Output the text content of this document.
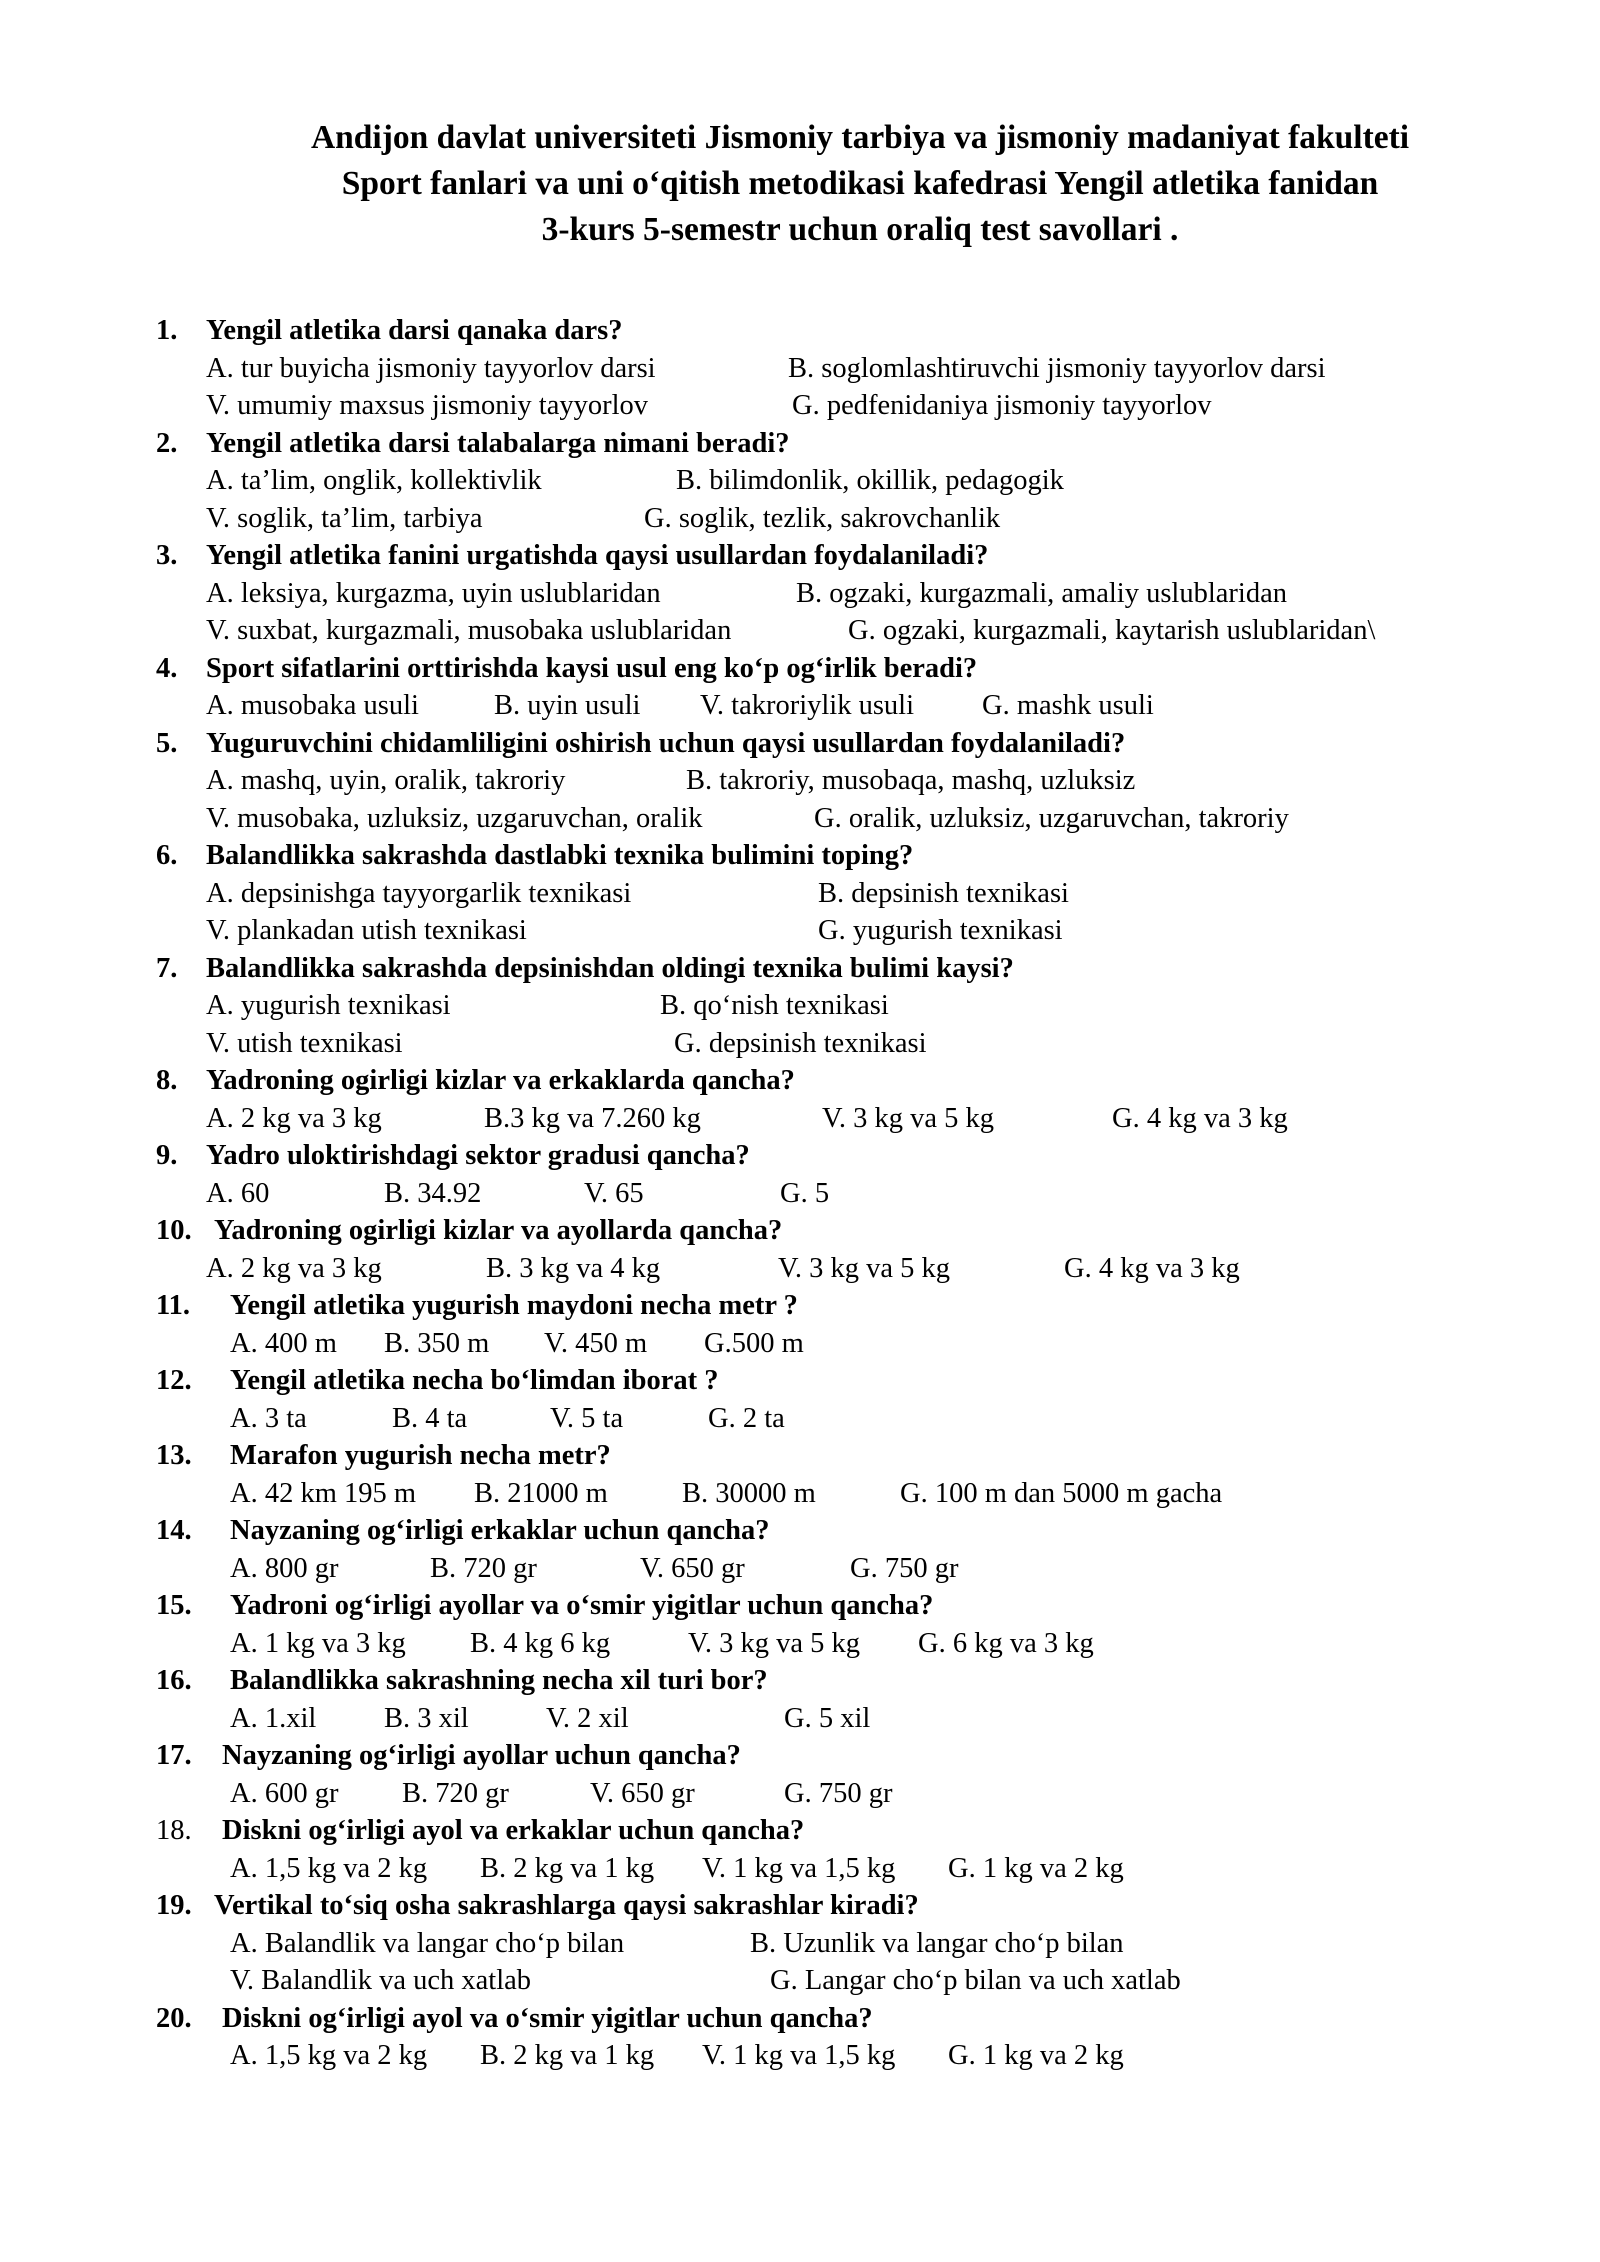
Andijon davlat universiteti Jismoniy tarbiya va jismoniy madaniyat fakulteti
Sport fanlari va uni o‘qitish metodikasi kafedrasi Yengil atletika fanidan
3-kurs 5-semestr uchun oraliq test savollari .
1. Yengil atletika darsi qanaka dars?
A. tur buyicha jismoniy tayyorlov darsi	B. soglomlashtiruvchi jismoniy tayyorlov darsi
V. umumiy maxsus jismoniy tayyorlov	G. pedfenidaniya jismoniy tayyorlov
2. Yengil atletika darsi talabalarga nimani beradi?
A. ta’lim, onglik, kollektivlik	B. bilimdonlik, okillik, pedagogik
V. soglik, ta’lim, tarbiya	G. soglik, tezlik, sakrovchanlik
3. Yengil atletika fanini urgatishda qaysi usullardan foydalaniladi?
A. leksiya, kurgazma, uyin uslublaridan	B. ogzaki, kurgazmali, amaliy uslublaridan
V. suxbat, kurgazmali, musobaka uslublaridan	G. ogzaki, kurgazmali, kaytarish uslublaridan\
4. Sport sifatlarini orttirishda kaysi usul eng ko‘p og‘irlik beradi?
A. musobaka usuli	B. uyin usuli V. takroriylik usuli G. mashk usuli
5. Yuguruvchini chidamliligini oshirish uchun qaysi usullardan foydalaniladi?
A. mashq, uyin, oralik, takroriy	B. takroriy, musobaqa, mashq, uzluksiz
V. musobaka, uzluksiz, uzgaruvchan, oralik	G. oralik, uzluksiz, uzgaruvchan, takroriy
6. Balandlikka sakrashda dastlabki texnika bulimini toping?
A. depsinishga tayyorgarlik texnikasi	B. depsinish texnikasi
V. plankadan utish texnikasi	G. yugurish texnikasi
7. Balandlikka sakrashda depsinishdan oldingi texnika bulimi kaysi?
A. yugurish texnikasi	B. qo‘nish texnikasi
V. utish texnikasi	G. depsinish texnikasi
8. Yadroning ogirligi kizlar va erkaklarda qancha?
A. 2 kg va 3 kg	B.3 kg va 7.260 kg	V. 3 kg va 5 kg	G. 4 kg va 3 kg
9. Yadro uloktirishdagi sektor gradusi qancha?
A. 60	B. 34.92	V. 65	G. 5
10. Yadroning ogirligi kizlar va ayollarda qancha?
A. 2 kg va 3 kg	B. 3 kg va 4 kg	V. 3 kg va 5 kg	G. 4 kg va 3 kg
11. Yengil atletika yugurish maydoni necha metr ?
A. 400 m B. 350 m V. 450 m G.500 m
12. Yengil atletika necha bo‘limdan iborat ?
A. 3 ta	B. 4 ta	V. 5 ta	G. 2 ta
13. Marafon yugurish necha metr?
A. 42 km 195 m B. 21000 m	B. 30000 m	G. 100 m dan 5000 m gacha
14. Nayzaning og‘irligi erkaklar uchun qancha?
A. 800 gr	B. 720 gr	V. 650 gr	G. 750 gr
15. Yadroni og‘irligi ayollar va o‘smir yigitlar uchun qancha?
A. 1 kg va 3 kg B. 4 kg 6 kg	V. 3 kg va 5 kg G. 6 kg va 3 kg
16. Balandlikka sakrashning necha xil turi bor?
A. 1.xil B. 3 xil	V. 2 xil	G. 5 xil
17. Nayzaning og‘irligi ayollar uchun qancha?
A. 600 gr B. 720 gr	V. 650 gr	G. 750 gr
18. Diskni og‘irligi ayol va erkaklar uchun qancha?
A. 1,5 kg va 2 kg B. 2 kg va 1 kg V. 1 kg va 1,5 kg G. 1 kg va 2 kg
19. Vertikal to‘siq osha sakrashlarga qaysi sakrashlar kiradi?
A. Balandlik va langar cho‘p bilan	B. Uzunlik va langar cho‘p bilan
V. Balandlik va uch xatlab	G. Langar cho‘p bilan va uch xatlab
20. Diskni og‘irligi ayol va o‘smir yigitlar uchun qancha?
A. 1,5 kg va 2 kg B. 2 kg va 1 kg V. 1 kg va 1,5 kg G. 1 kg va 2 kg
